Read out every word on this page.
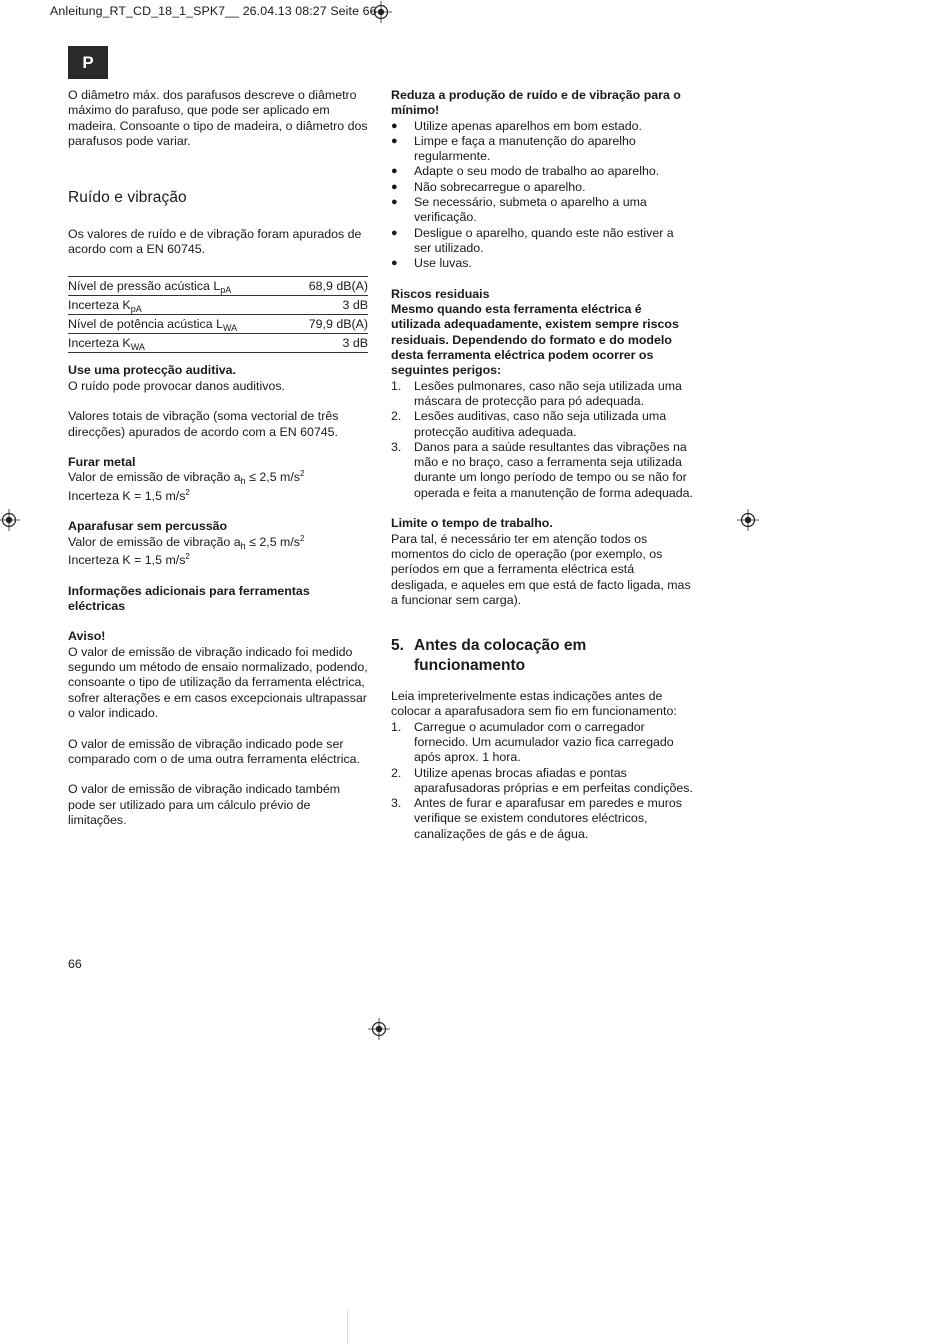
Anleitung_RT_CD_18_1_SPK7__ 26.04.13 08:27 Seite 66
P

O diâmetro máx. dos parafusos descreve o diâmetro máximo do parafuso, que pode ser aplicado em madeira. Consoante o tipo de madeira, o diâmetro dos parafusos pode variar.

Ruído e vibração

Os valores de ruído e de vibração foram apurados de acordo com a EN 60745.

Nível de pressão acústica $L_{pA}$	68,9 dB(A)
Incerteza $K_{pA}$	3 dB
Nível de potência acústica $L_{WA}$	79,9 dB(A)
Incerteza $K_{WA}$	3 dB

Use uma protecção auditiva.

O ruído pode provocar danos auditivos.

Valores totais de vibração (soma vectorial de três direcções) apurados de acordo com a EN 60745.

Furar metal

Valor de emissão de vibração $a_h \le 2,5$ $m/s^2$

Incerteza K = 1,5 $m/s^2$

Aparafusar sem percussão

Valor de emissão de vibração $a_h \le 2,5$ $m/s^2$

Incerteza K = 1,5 $m/s^2$

Informações adicionais para ferramentas eléctricas

Aviso!

O valor de emissão de vibração indicado foi medido segundo um método de ensaio normalizado, podendo, consoante o tipo de utilização da ferramenta eléctrica, sofrer alterações e em casos excepcionais ultrapassar o valor indicado.

O valor de emissão de vibração indicado pode ser comparado com o de uma outra ferramenta eléctrica.

O valor de emissão de vibração indicado também pode ser utilizado para um cálculo prévio de limitações.

Reduza a produção de ruído e de vibração para o mínimo!

●	Utilize apenas aparelhos em bom estado.
●	Limpe e faça a manutenção do aparelho regularmente.
●	Adapte o seu modo de trabalho ao aparelho.
●	Não sobrecarregue o aparelho.
●	Se necessário, submeta o aparelho a uma verificação.
●	Desligue o aparelho, quando este não estiver a ser utilizado.
●	Use luvas.

Riscos residuais

Mesmo quando esta ferramenta eléctrica é utilizada adequadamente, existem sempre riscos residuais. Dependendo do formato e do modelo desta ferramenta eléctrica podem ocorrer os seguintes perigos:

1.	Lesões pulmonares, caso não seja utilizada uma máscara de protecção para pó adequada.
2.	Lesões auditivas, caso não seja utilizada uma protecção auditiva adequada.
3.	Danos para a saúde resultantes das vibrações na mão e no braço, caso a ferramenta seja utilizada durante um longo período de tempo ou se não for operada e feita a manutenção de forma adequada.

Limite o tempo de trabalho.

Para tal, é necessário ter em atenção todos os momentos do ciclo de operação (por exemplo, os períodos em que a ferramenta eléctrica está desligada, e aqueles em que está de facto ligada, mas a funcionar sem carga).

5. Antes da colocação em funcionamento

Leia impreterivelmente estas indicações antes de colocar a aparafusadora sem fio em funcionamento:

1.	Carregue o acumulador com o carregador fornecido. Um acumulador vazio fica carregado após aprox. 1 hora.
2.	Utilize apenas brocas afiadas e pontas aparafusadoras próprias e em perfeitas condições.
3.	Antes de furar e aparafusar em paredes e muros verifique se existem condutores eléctricos, canalizações de gás e de água.
66
